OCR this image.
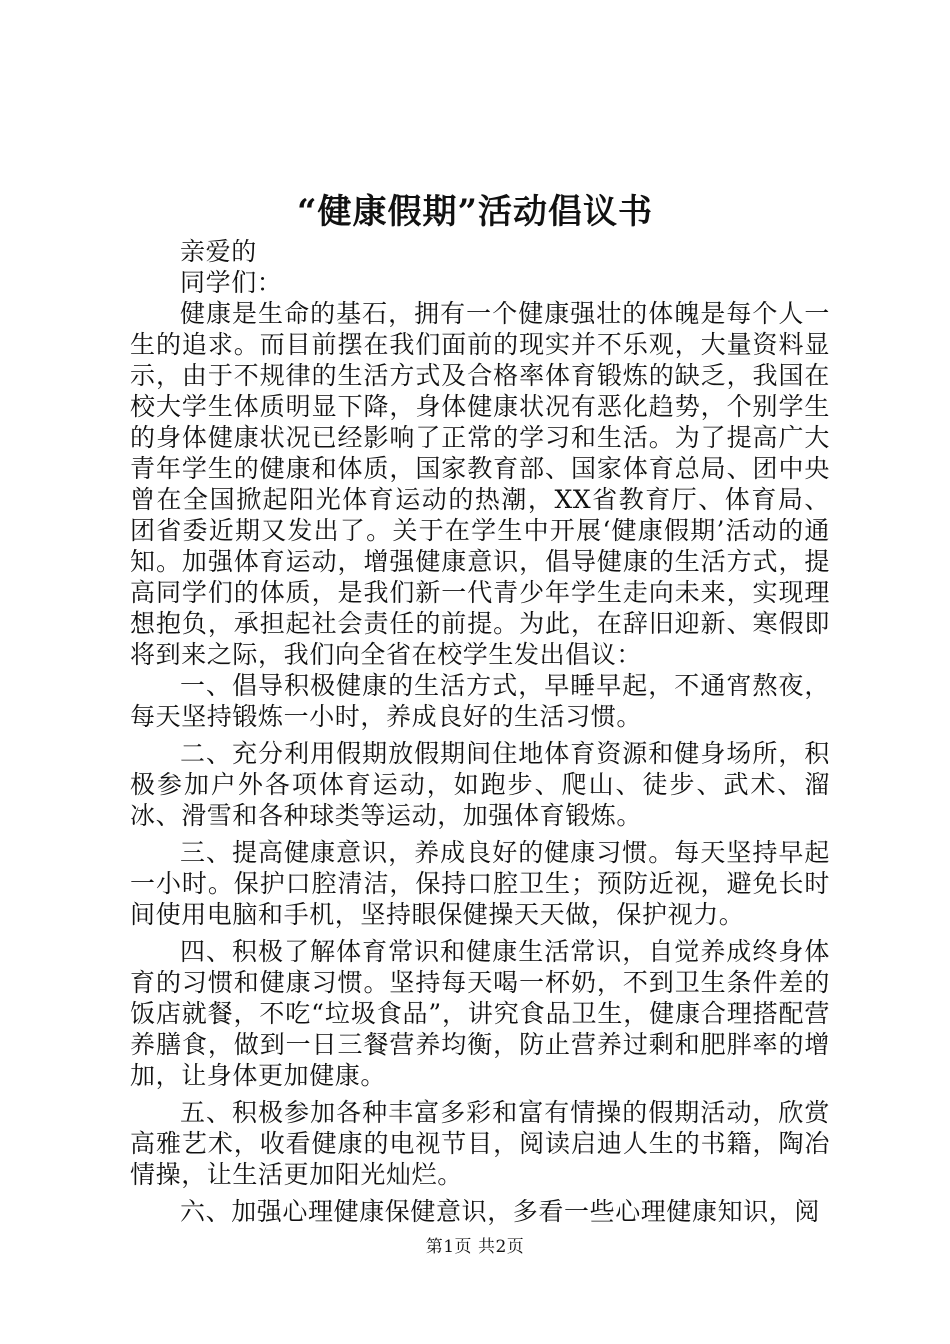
“健康假期”活动倡议书

亲爱的

同学们：

健康是生命的基石，拥有一个健康强壮的体魄是每个人一生的追求。而目前摆在我们面前的现实并不乐观，大量资料显示，由于不规律的生活方式及合格率体育锻炼的缺乏，我国在校大学生体质明显下降，身体健康状况有恶化趋势，个别学生的身体健康状况已经影响了正常的学习和生活。为了提高广大青年学生的健康和体质，国家教育部、国家体育总局、团中央曾在全国掀起阳光体育运动的热潮，XX省教育厅、体育局、团省委近期又发出了。关于在学生中开展‘健康假期’活动的通知。加强体育运动，增强健康意识，倡导健康的生活方式，提高同学们的体质，是我们新一代青少年学生走向未来，实现理想抱负，承担起社会责任的前提。为此，在辞旧迎新、寒假即将到来之际，我们向全省在校学生发出倡议：

一、倡导积极健康的生活方式，早睡早起，不通宵熬夜，每天坚持锻炼一小时，养成良好的生活习惯。

二、充分利用假期放假期间住地体育资源和健身场所，积极参加户外各项体育运动，如跑步、爬山、徒步、武术、溜冰、滑雪和各种球类等运动，加强体育锻炼。

三、提高健康意识，养成良好的健康习惯。每天坚持早起一小时。保护口腔清洁，保持口腔卫生；预防近视，避免长时间使用电脑和手机，坚持眼保健操天天做，保护视力。

四、积极了解体育常识和健康生活常识，自觉养成终身体育的习惯和健康习惯。坚持每天喝一杯奶，不到卫生条件差的饭店就餐，不吃“垃圾食品”，讲究食品卫生，健康合理搭配营养膳食，做到一日三餐营养均衡，防止营养过剩和肥胖率的增加，让身体更加健康。

五、积极参加各种丰富多彩和富有情操的假期活动，欣赏高雅艺术，收看健康的电视节目，阅读启迪人生的书籍，陶冶情操，让生活更加阳光灿烂。

六、加强心理健康保健意识，多看一些心理健康知识，阅

第1页 共2页
